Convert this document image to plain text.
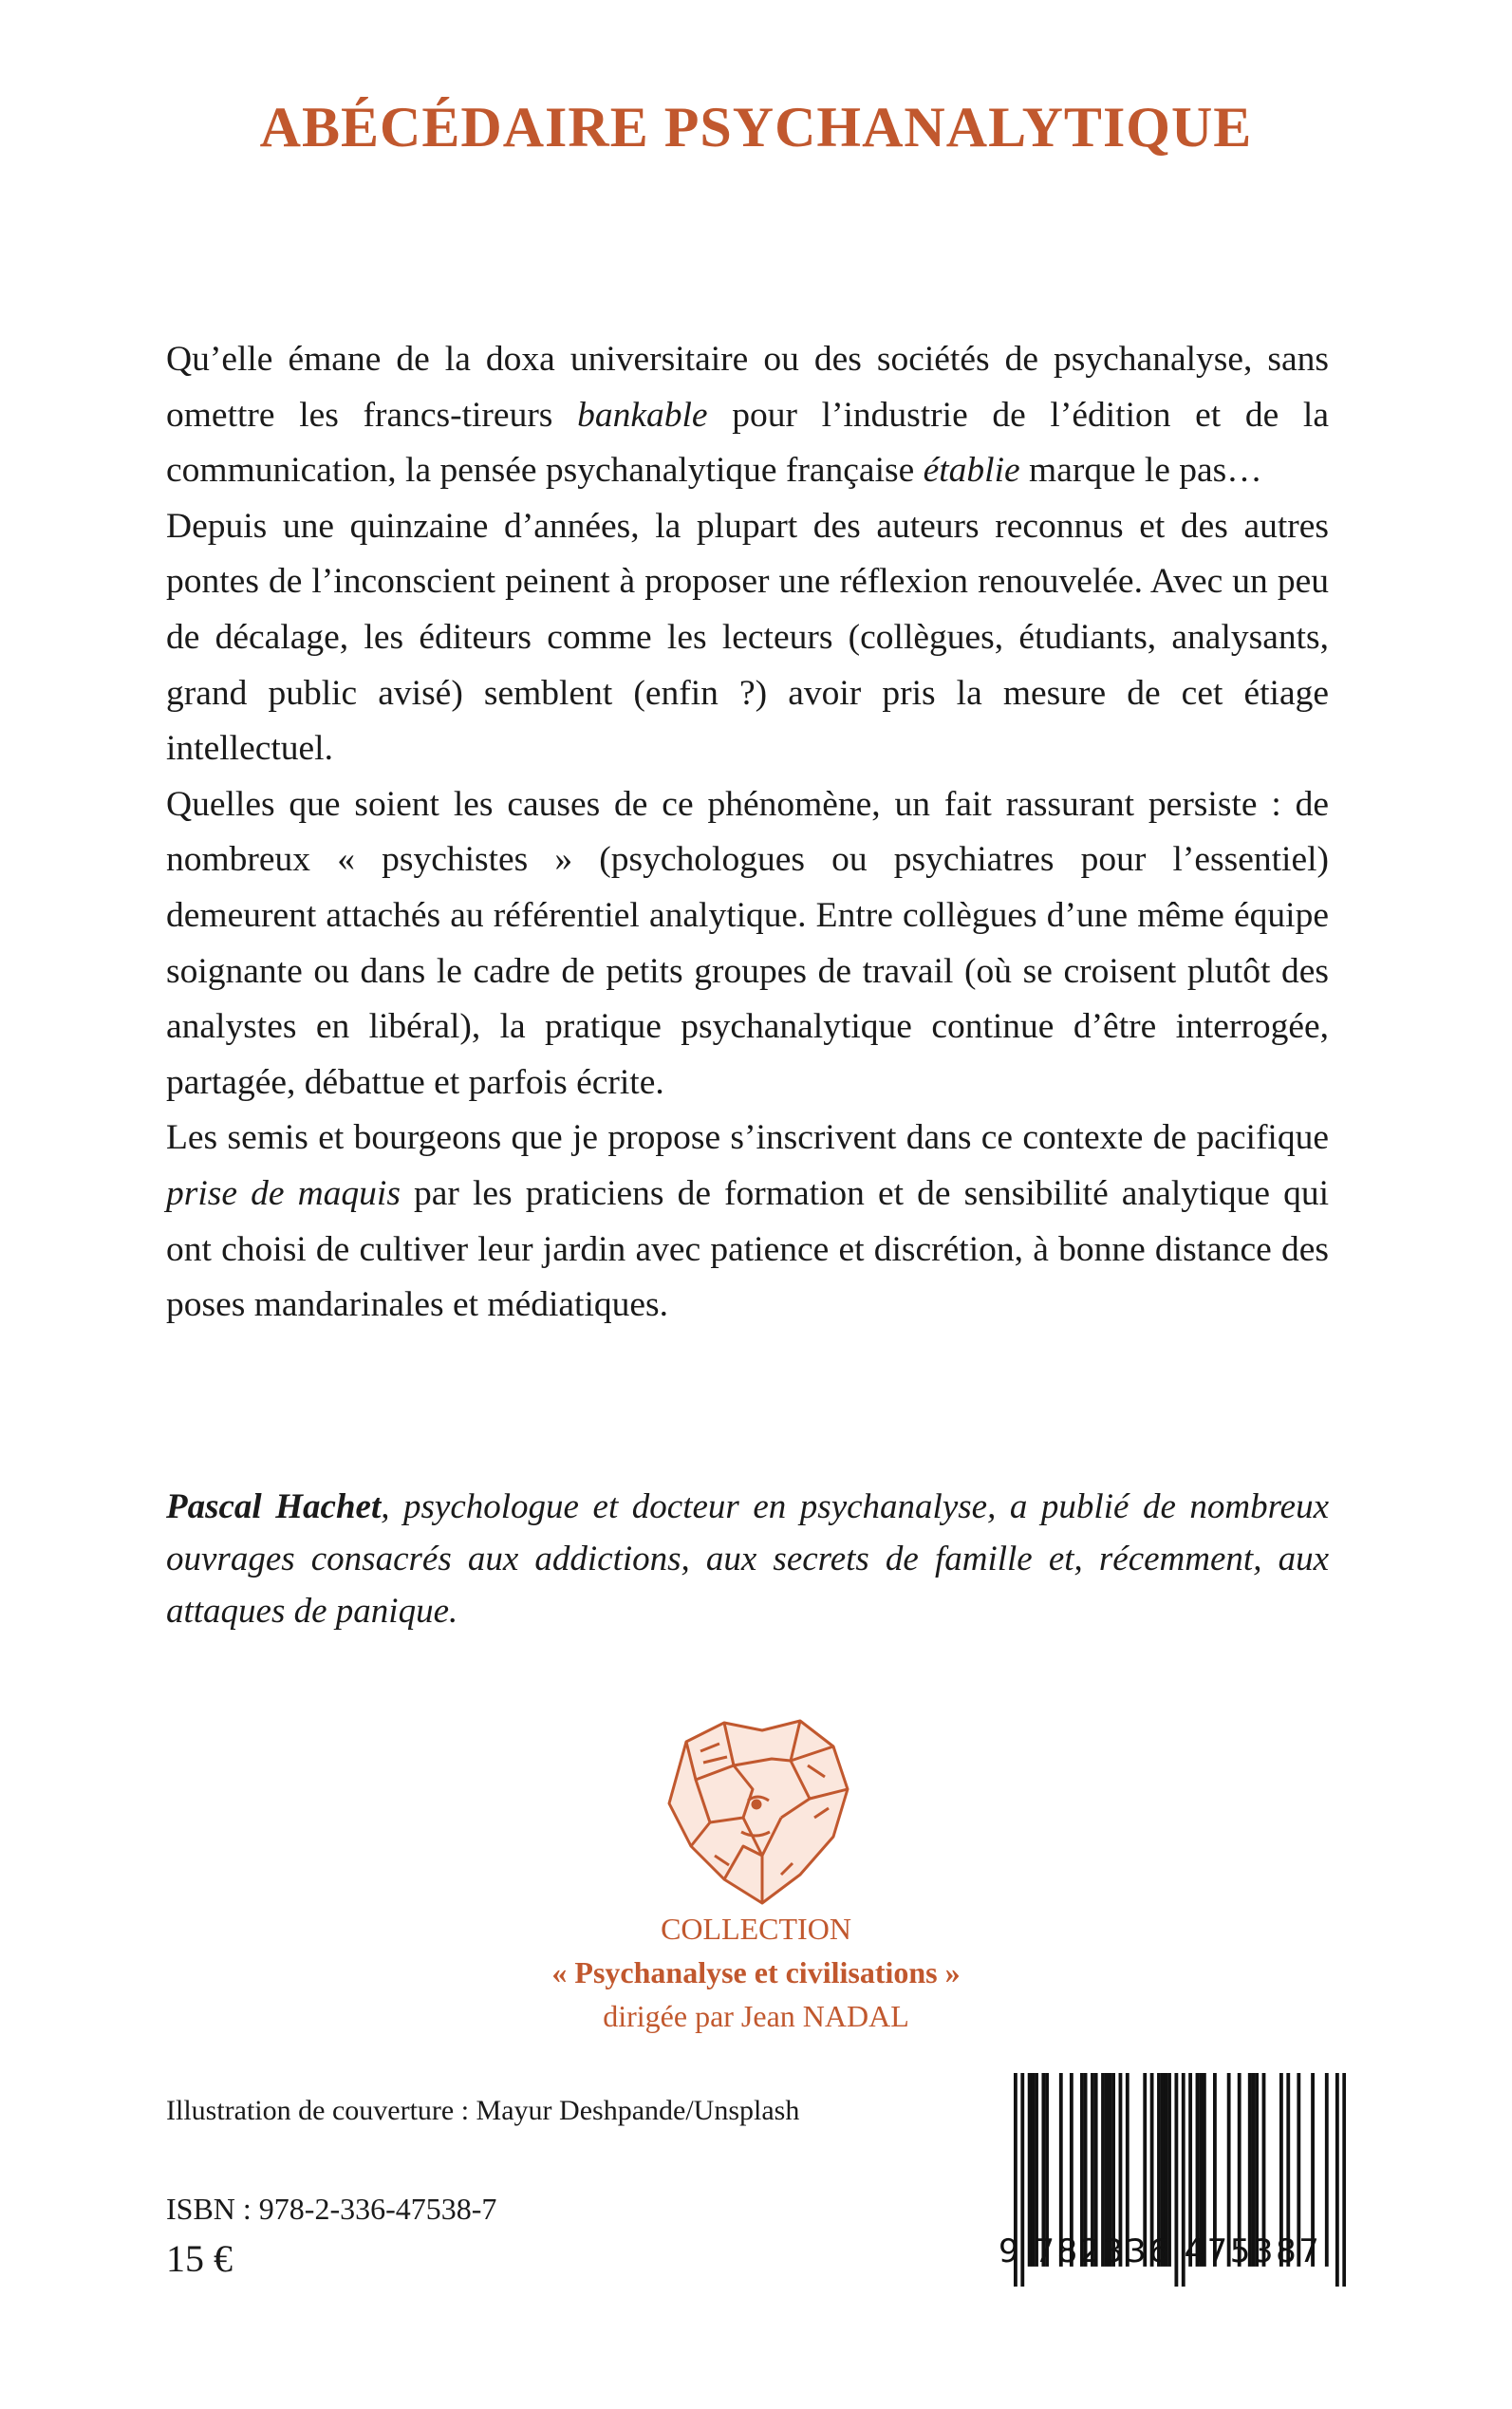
ABÉCÉDAIRE PSYCHANALYTIQUE

Qu’elle émane de la doxa universitaire ou des sociétés de psychanalyse, sans omettre les francs-tireurs bankable pour l’industrie de l’édition et de la communication, la pensée psychanalytique française établie marque le pas…

Depuis une quinzaine d’années, la plupart des auteurs reconnus et des autres pontes de l’inconscient peinent à proposer une réflexion renouvelée. Avec un peu de décalage, les éditeurs comme les lecteurs (collègues, étudiants, analysants, grand public avisé) semblent (enfin ?) avoir pris la mesure de cet étiage intellectuel.

Quelles que soient les causes de ce phénomène, un fait rassurant persiste : de nombreux « psychistes » (psychologues ou psychiatres pour l’essentiel) demeurent attachés au référentiel analytique. Entre collègues d’une même équipe soignante ou dans le cadre de petits groupes de travail (où se croisent plutôt des analystes en libéral), la pratique psychanalytique continue d’être interrogée, partagée, débattue et parfois écrite.

Les semis et bourgeons que je propose s’inscrivent dans ce contexte de pacifique prise de maquis par les praticiens de formation et de sensibilité analytique qui ont choisi de cultiver leur jardin avec patience et discrétion, à bonne distance des poses mandarinales et médiatiques.

Pascal Hachet, psychologue et docteur en psychanalyse, a publié de nombreux ouvrages consacrés aux addictions, aux secrets de famille et, récemment, aux attaques de panique.
COLLECTION
« Psychanalyse et civilisations »
dirigée par Jean NADAL
Illustration de couverture : Mayur Deshpande/Unsplash
ISBN : 978-2-336-47538-7
15 €	9 782336 475387
